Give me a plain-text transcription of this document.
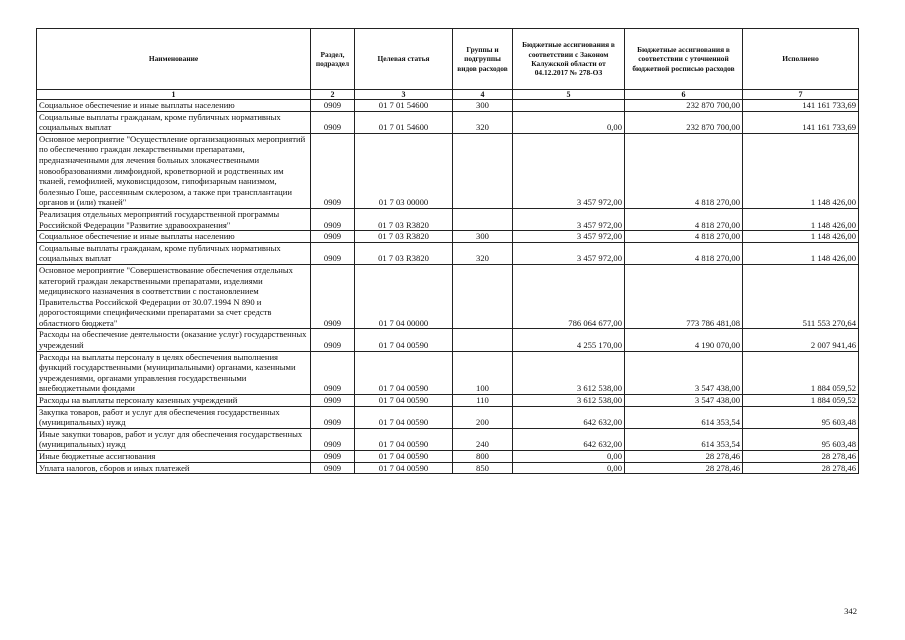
Наименование	Раздел, подраздел	Целевая статья	Группы и подгруппы видов расходов	Бюджетные ассигнования в соответствии с Законом Калужской области от 04.12.2017 № 278-ОЗ	Бюджетные ассигнования в соответствии с уточненной бюджетной росписью расходов	Исполнено
1	2	3	4	5	6	7
Социальное обеспечение и иные выплаты населению	0909	01 7 01 54600	300		232 870 700,00	141 161 733,69
Социальные выплаты гражданам, кроме публичных нормативных социальных выплат	0909	01 7 01 54600	320	0,00	232 870 700,00	141 161 733,69
Основное мероприятие "Осуществление организационных мероприятий по обеспечению граждан лекарственными препаратами, предназначенными для лечения больных злокачественными новообразованиями лимфоидной, кроветворной и родственных им тканей, гемофилией, муковисцидозом, гипофизарным нанизмом, болезнью Гоше, рассеянным склерозом, а также при трансплантации органов и (или) тканей"	0909	01 7 03 00000		3 457 972,00	4 818 270,00	1 148 426,00
Реализация отдельных мероприятий государственной программы Российской Федерации "Развитие здравоохранения"	0909	01 7 03 R3820		3 457 972,00	4 818 270,00	1 148 426,00
Социальное обеспечение и иные выплаты населению	0909	01 7 03 R3820	300	3 457 972,00	4 818 270,00	1 148 426,00
Социальные выплаты гражданам, кроме публичных нормативных социальных выплат	0909	01 7 03 R3820	320	3 457 972,00	4 818 270,00	1 148 426,00
Основное мероприятие "Совершенствование обеспечения отдельных категорий граждан лекарственными препаратами, изделиями медицинского назначения в соответствии с постановлением Правительства Российской Федерации от 30.07.1994 N 890 и дорогостоящими специфическими препаратами за счет средств областного бюджета"	0909	01 7 04 00000		786 064 677,00	773 786 481,08	511 553 270,64
Расходы на обеспечение деятельности (оказание услуг) государственных учреждений	0909	01 7 04 00590		4 255 170,00	4 190 070,00	2 007 941,46
Расходы на выплаты персоналу в целях обеспечения выполнения функций государственными (муниципальными) органами, казенными учреждениями, органами управления государственными внебюджетными фондами	0909	01 7 04 00590	100	3 612 538,00	3 547 438,00	1 884 059,52
Расходы на выплаты персоналу казенных учреждений	0909	01 7 04 00590	110	3 612 538,00	3 547 438,00	1 884 059,52
Закупка товаров, работ и услуг для обеспечения государственных (муниципальных) нужд	0909	01 7 04 00590	200	642 632,00	614 353,54	95 603,48
Иные закупки товаров, работ и услуг для обеспечения государственных (муниципальных) нужд	0909	01 7 04 00590	240	642 632,00	614 353,54	95 603,48
Иные бюджетные ассигнования	0909	01 7 04 00590	800	0,00	28 278,46	28 278,46
Уплата налогов, сборов и иных платежей	0909	01 7 04 00590	850	0,00	28 278,46	28 278,46
342
